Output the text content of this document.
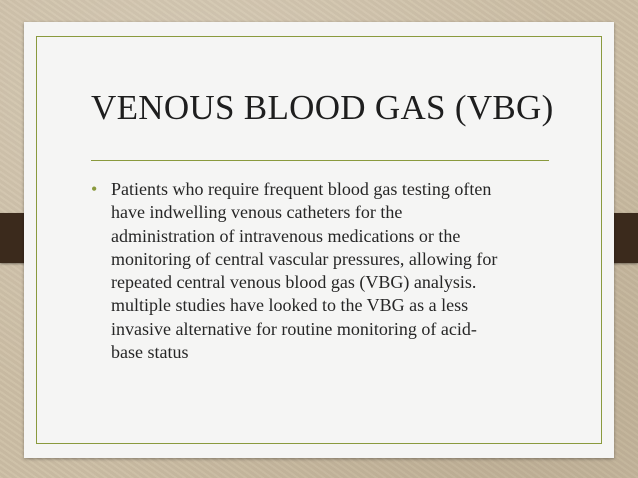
VENOUS BLOOD GAS (VBG)
• Patients who require frequent blood gas testing often
have indwelling venous catheters for the
administration of intravenous medications or the
monitoring of central vascular pressures, allowing for
repeated central venous blood gas (VBG) analysis.
multiple studies have looked to the VBG as a less
invasive alternative for routine monitoring of acid-
base status
